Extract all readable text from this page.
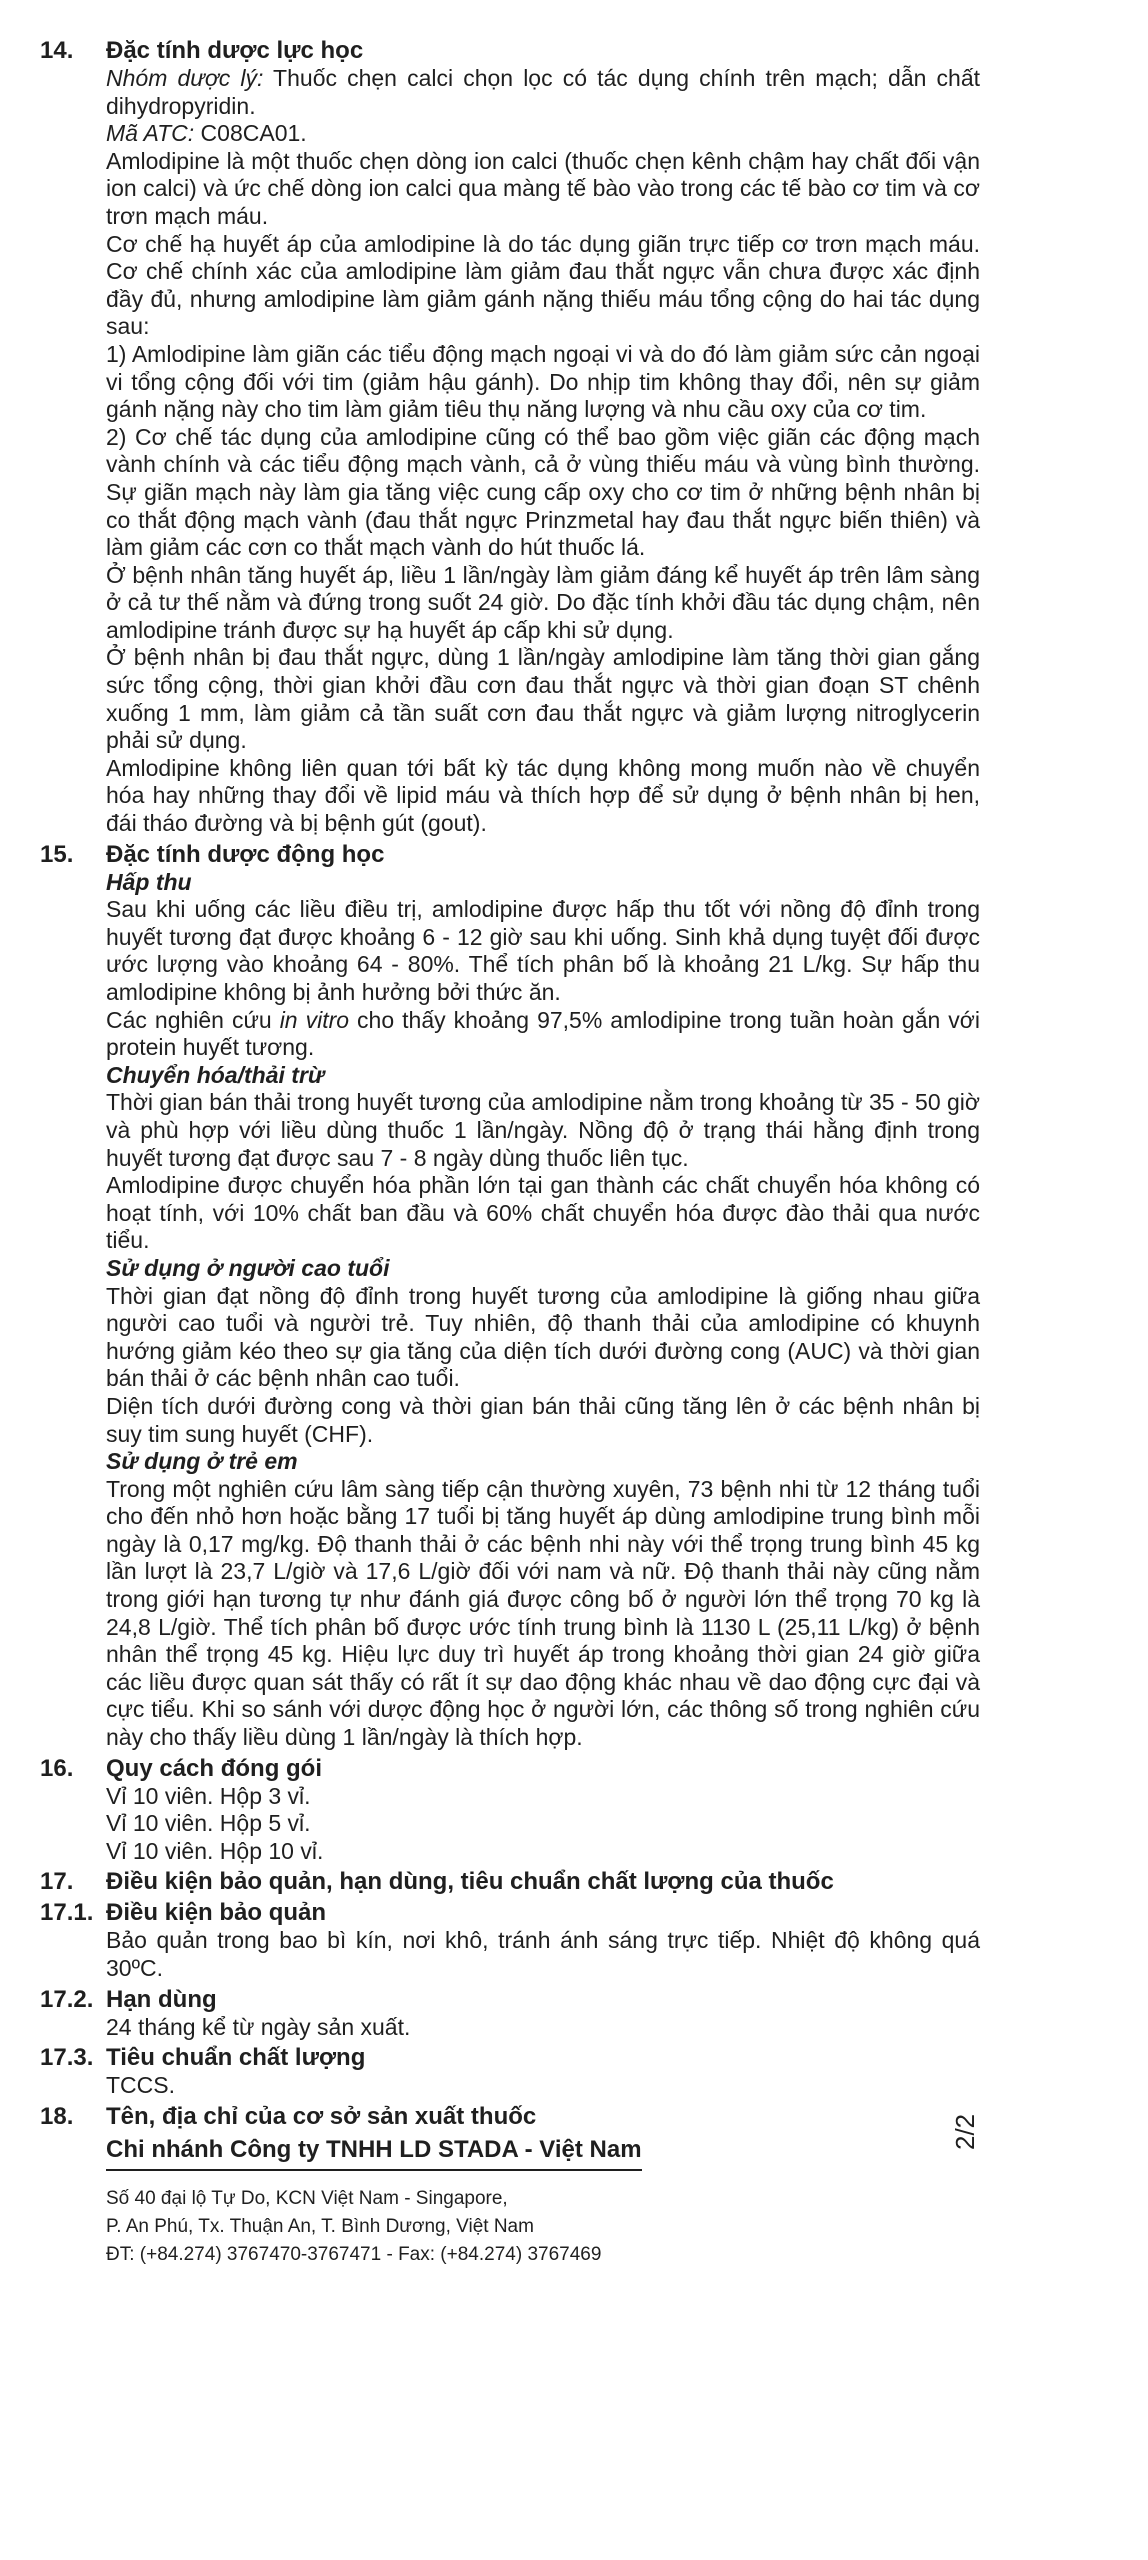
14. Đặc tính dược lực học

Nhóm dược lý: Thuốc chẹn calci chọn lọc có tác dụng chính trên mạch; dẫn chất dihydropyridin.

Mã ATC: C08CA01.

Amlodipine là một thuốc chẹn dòng ion calci (thuốc chẹn kênh chậm hay chất đối vận ion calci) và ức chế dòng ion calci qua màng tế bào vào trong các tế bào cơ tim và cơ trơn mạch máu.

Cơ chế hạ huyết áp của amlodipine là do tác dụng giãn trực tiếp cơ trơn mạch máu. Cơ chế chính xác của amlodipine làm giảm đau thắt ngực vẫn chưa được xác định đầy đủ, nhưng amlodipine làm giảm gánh nặng thiếu máu tổng cộng do hai tác dụng sau:

1) Amlodipine làm giãn các tiểu động mạch ngoại vi và do đó làm giảm sức cản ngoại vi tổng cộng đối với tim (giảm hậu gánh). Do nhịp tim không thay đổi, nên sự giảm gánh nặng này cho tim làm giảm tiêu thụ năng lượng và nhu cầu oxy của cơ tim.

2) Cơ chế tác dụng của amlodipine cũng có thể bao gồm việc giãn các động mạch vành chính và các tiểu động mạch vành, cả ở vùng thiếu máu và vùng bình thường. Sự giãn mạch này làm gia tăng việc cung cấp oxy cho cơ tim ở những bệnh nhân bị co thắt động mạch vành (đau thắt ngực Prinzmetal hay đau thắt ngực biến thiên) và làm giảm các cơn co thắt mạch vành do hút thuốc lá.

Ở bệnh nhân tăng huyết áp, liều 1 lần/ngày làm giảm đáng kể huyết áp trên lâm sàng ở cả tư thế nằm và đứng trong suốt 24 giờ. Do đặc tính khởi đầu tác dụng chậm, nên amlodipine tránh được sự hạ huyết áp cấp khi sử dụng.

Ở bệnh nhân bị đau thắt ngực, dùng 1 lần/ngày amlodipine làm tăng thời gian gắng sức tổng cộng, thời gian khởi đầu cơn đau thắt ngực và thời gian đoạn ST chênh xuống 1 mm, làm giảm cả tần suất cơn đau thắt ngực và giảm lượng nitroglycerin phải sử dụng.

Amlodipine không liên quan tới bất kỳ tác dụng không mong muốn nào về chuyển hóa hay những thay đổi về lipid máu và thích hợp để sử dụng ở bệnh nhân bị hen, đái tháo đường và bị bệnh gút (gout).

15. Đặc tính dược động học

Hấp thu

Sau khi uống các liều điều trị, amlodipine được hấp thu tốt với nồng độ đỉnh trong huyết tương đạt được khoảng 6 - 12 giờ sau khi uống. Sinh khả dụng tuyệt đối được ước lượng vào khoảng 64 - 80%. Thể tích phân bố là khoảng 21 L/kg. Sự hấp thu amlodipine không bị ảnh hưởng bởi thức ăn.

Các nghiên cứu in vitro cho thấy khoảng 97,5% amlodipine trong tuần hoàn gắn với protein huyết tương.

Chuyển hóa/thải trừ

Thời gian bán thải trong huyết tương của amlodipine nằm trong khoảng từ 35 - 50 giờ và phù hợp với liều dùng thuốc 1 lần/ngày. Nồng độ ở trạng thái hằng định trong huyết tương đạt được sau 7 - 8 ngày dùng thuốc liên tục.

Amlodipine được chuyển hóa phần lớn tại gan thành các chất chuyển hóa không có hoạt tính, với 10% chất ban đầu và 60% chất chuyển hóa được đào thải qua nước tiểu.

Sử dụng ở người cao tuổi

Thời gian đạt nồng độ đỉnh trong huyết tương của amlodipine là giống nhau giữa người cao tuổi và người trẻ. Tuy nhiên, độ thanh thải của amlodipine có khuynh hướng giảm kéo theo sự gia tăng của diện tích dưới đường cong (AUC) và thời gian bán thải ở các bệnh nhân cao tuổi.

Diện tích dưới đường cong và thời gian bán thải cũng tăng lên ở các bệnh nhân bị suy tim sung huyết (CHF).

Sử dụng ở trẻ em

Trong một nghiên cứu lâm sàng tiếp cận thường xuyên, 73 bệnh nhi từ 12 tháng tuổi cho đến nhỏ hơn hoặc bằng 17 tuổi bị tăng huyết áp dùng amlodipine trung bình mỗi ngày là 0,17 mg/kg. Độ thanh thải ở các bệnh nhi này với thể trọng trung bình 45 kg lần lượt là 23,7 L/giờ và 17,6 L/giờ đối với nam và nữ. Độ thanh thải này cũng nằm trong giới hạn tương tự như đánh giá được công bố ở người lớn thể trọng 70 kg là 24,8 L/giờ. Thể tích phân bố được ước tính trung bình là 1130 L (25,11 L/kg) ở bệnh nhân thể trọng 45 kg. Hiệu lực duy trì huyết áp trong khoảng thời gian 24 giờ giữa các liều được quan sát thấy có rất ít sự dao động khác nhau về dao động cực đại và cực tiểu. Khi so sánh với dược động học ở người lớn, các thông số trong nghiên cứu này cho thấy liều dùng 1 lần/ngày là thích hợp.

16. Quy cách đóng gói

Vỉ 10 viên. Hộp 3 vỉ.

Vỉ 10 viên. Hộp 5 vỉ.

Vỉ 10 viên. Hộp 10 vỉ.

17. Điều kiện bảo quản, hạn dùng, tiêu chuẩn chất lượng của thuốc

17.1. Điều kiện bảo quản

Bảo quản trong bao bì kín, nơi khô, tránh ánh sáng trực tiếp. Nhiệt độ không quá 30ºC.

17.2. Hạn dùng

24 tháng kể từ ngày sản xuất.

17.3. Tiêu chuẩn chất lượng

TCCS.

18. Tên, địa chỉ của cơ sở sản xuất thuốc

Chi nhánh Công ty TNHH LD STADA - Việt Nam

Số 40 đại lộ Tự Do, KCN Việt Nam - Singapore,

P. An Phú, Tx. Thuận An, T. Bình Dương, Việt Nam

ĐT: (+84.274) 3767470-3767471 - Fax: (+84.274) 3767469

2/2
